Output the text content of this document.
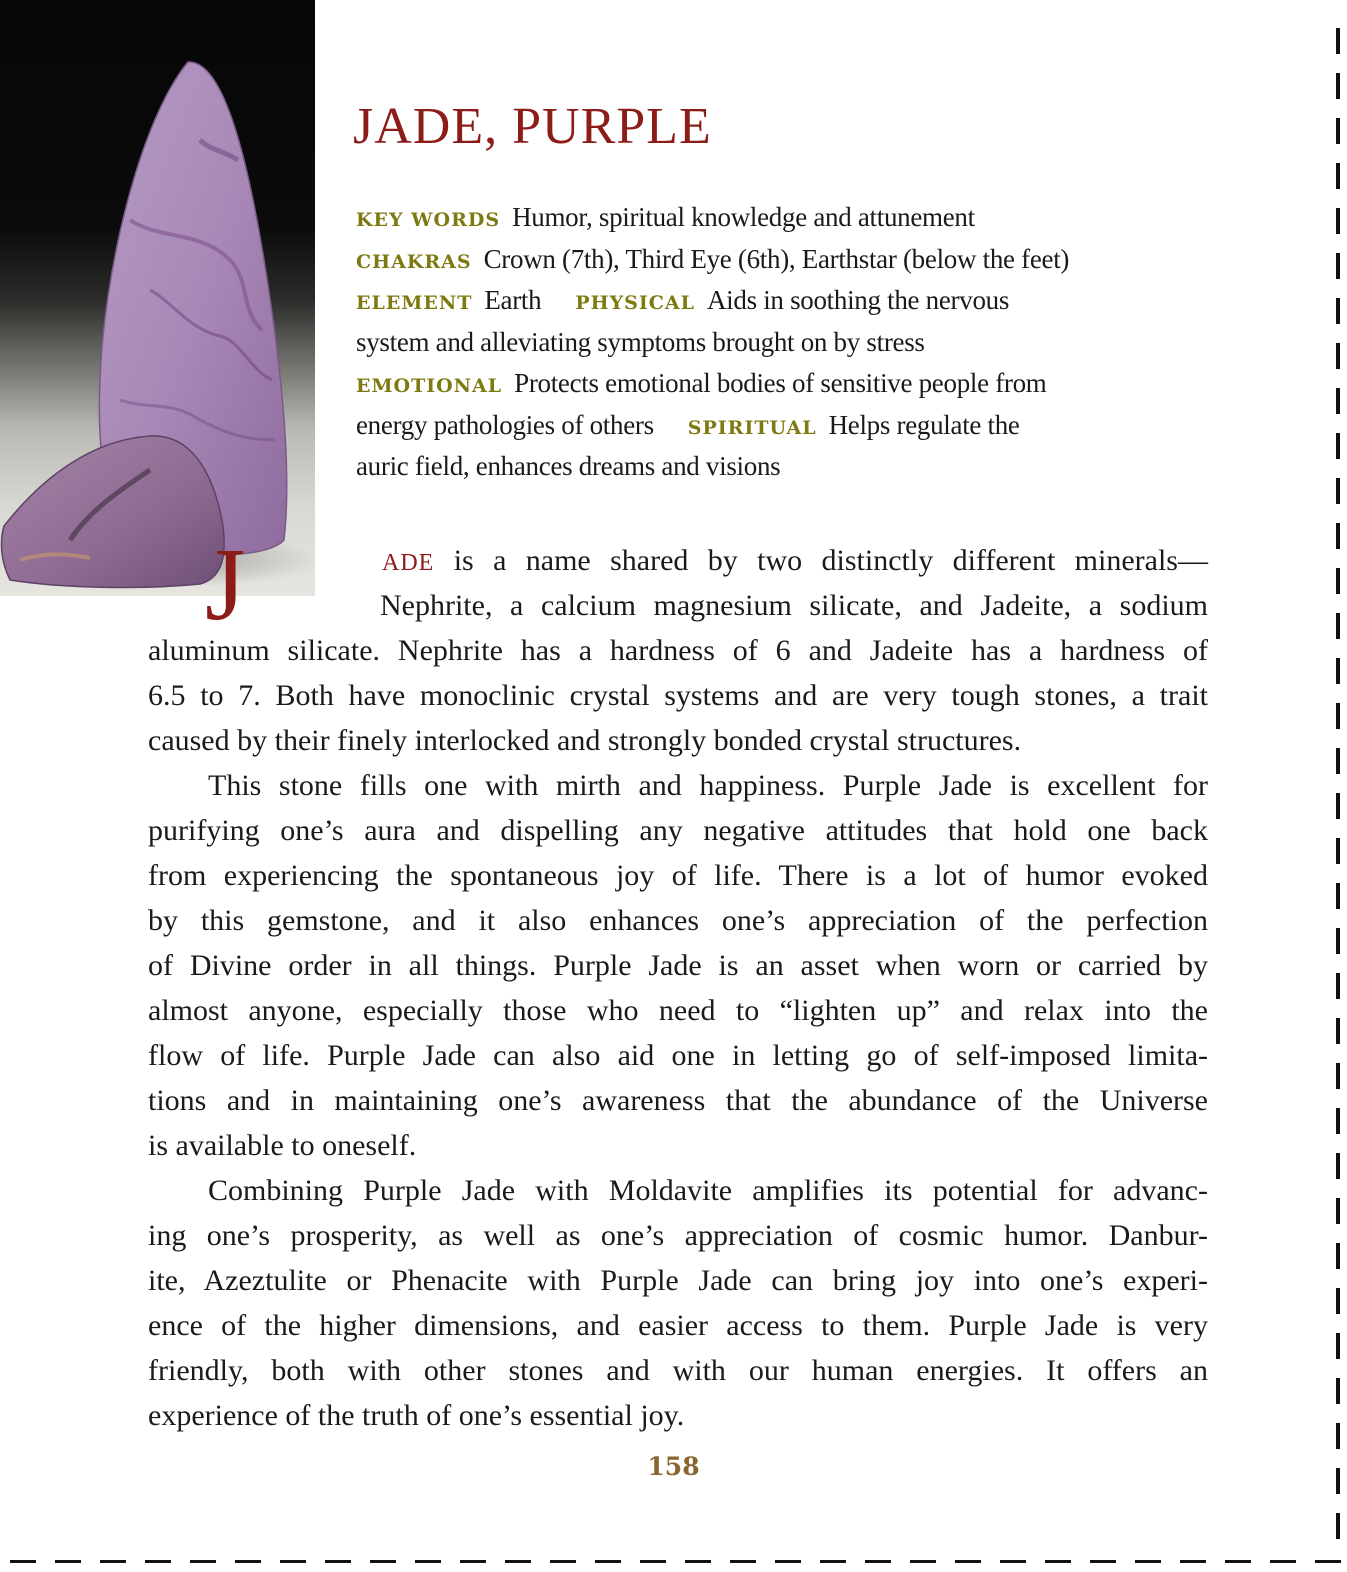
JADE, PURPLE
KEY WORDS Humor, spiritual knowledge and attunement
CHAKRAS Crown (7th), Third Eye (6th), Earthstar (below the feet)
ELEMENT Earth PHYSICAL Aids in soothing the nervous
system and alleviating symptoms brought on by stress
EMOTIONAL Protects emotional bodies of sensitive people from
energy pathologies of others SPIRITUAL Helps regulate the
auric field, enhances dreams and visions
J	ADE is a name shared by two distinctly different minerals—
Nephrite, a calcium magnesium silicate, and Jadeite, a sodium
aluminum silicate. Nephrite has a hardness of 6 and Jadeite has a hardness of
6.5 to 7. Both have monoclinic crystal systems and are very tough stones, a trait
caused by their finely interlocked and strongly bonded crystal structures.

This stone fills one with mirth and happiness. Purple Jade is excellent for
purifying one’s aura and dispelling any negative attitudes that hold one back
from experiencing the spontaneous joy of life. There is a lot of humor evoked
by this gemstone, and it also enhances one’s appreciation of the perfection
of Divine order in all things. Purple Jade is an asset when worn or carried by
almost anyone, especially those who need to “lighten up” and relax into the
flow of life. Purple Jade can also aid one in letting go of self-imposed limita-
tions and in maintaining one’s awareness that the abundance of the Universe
is available to oneself.

Combining Purple Jade with Moldavite amplifies its potential for advanc-
ing one’s prosperity, as well as one’s appreciation of cosmic humor. Danbur-
ite, Azeztulite or Phenacite with Purple Jade can bring joy into one’s experi-
ence of the higher dimensions, and easier access to them. Purple Jade is very
friendly, both with other stones and with our human energies. It offers an
experience of the truth of one’s essential joy.

158
